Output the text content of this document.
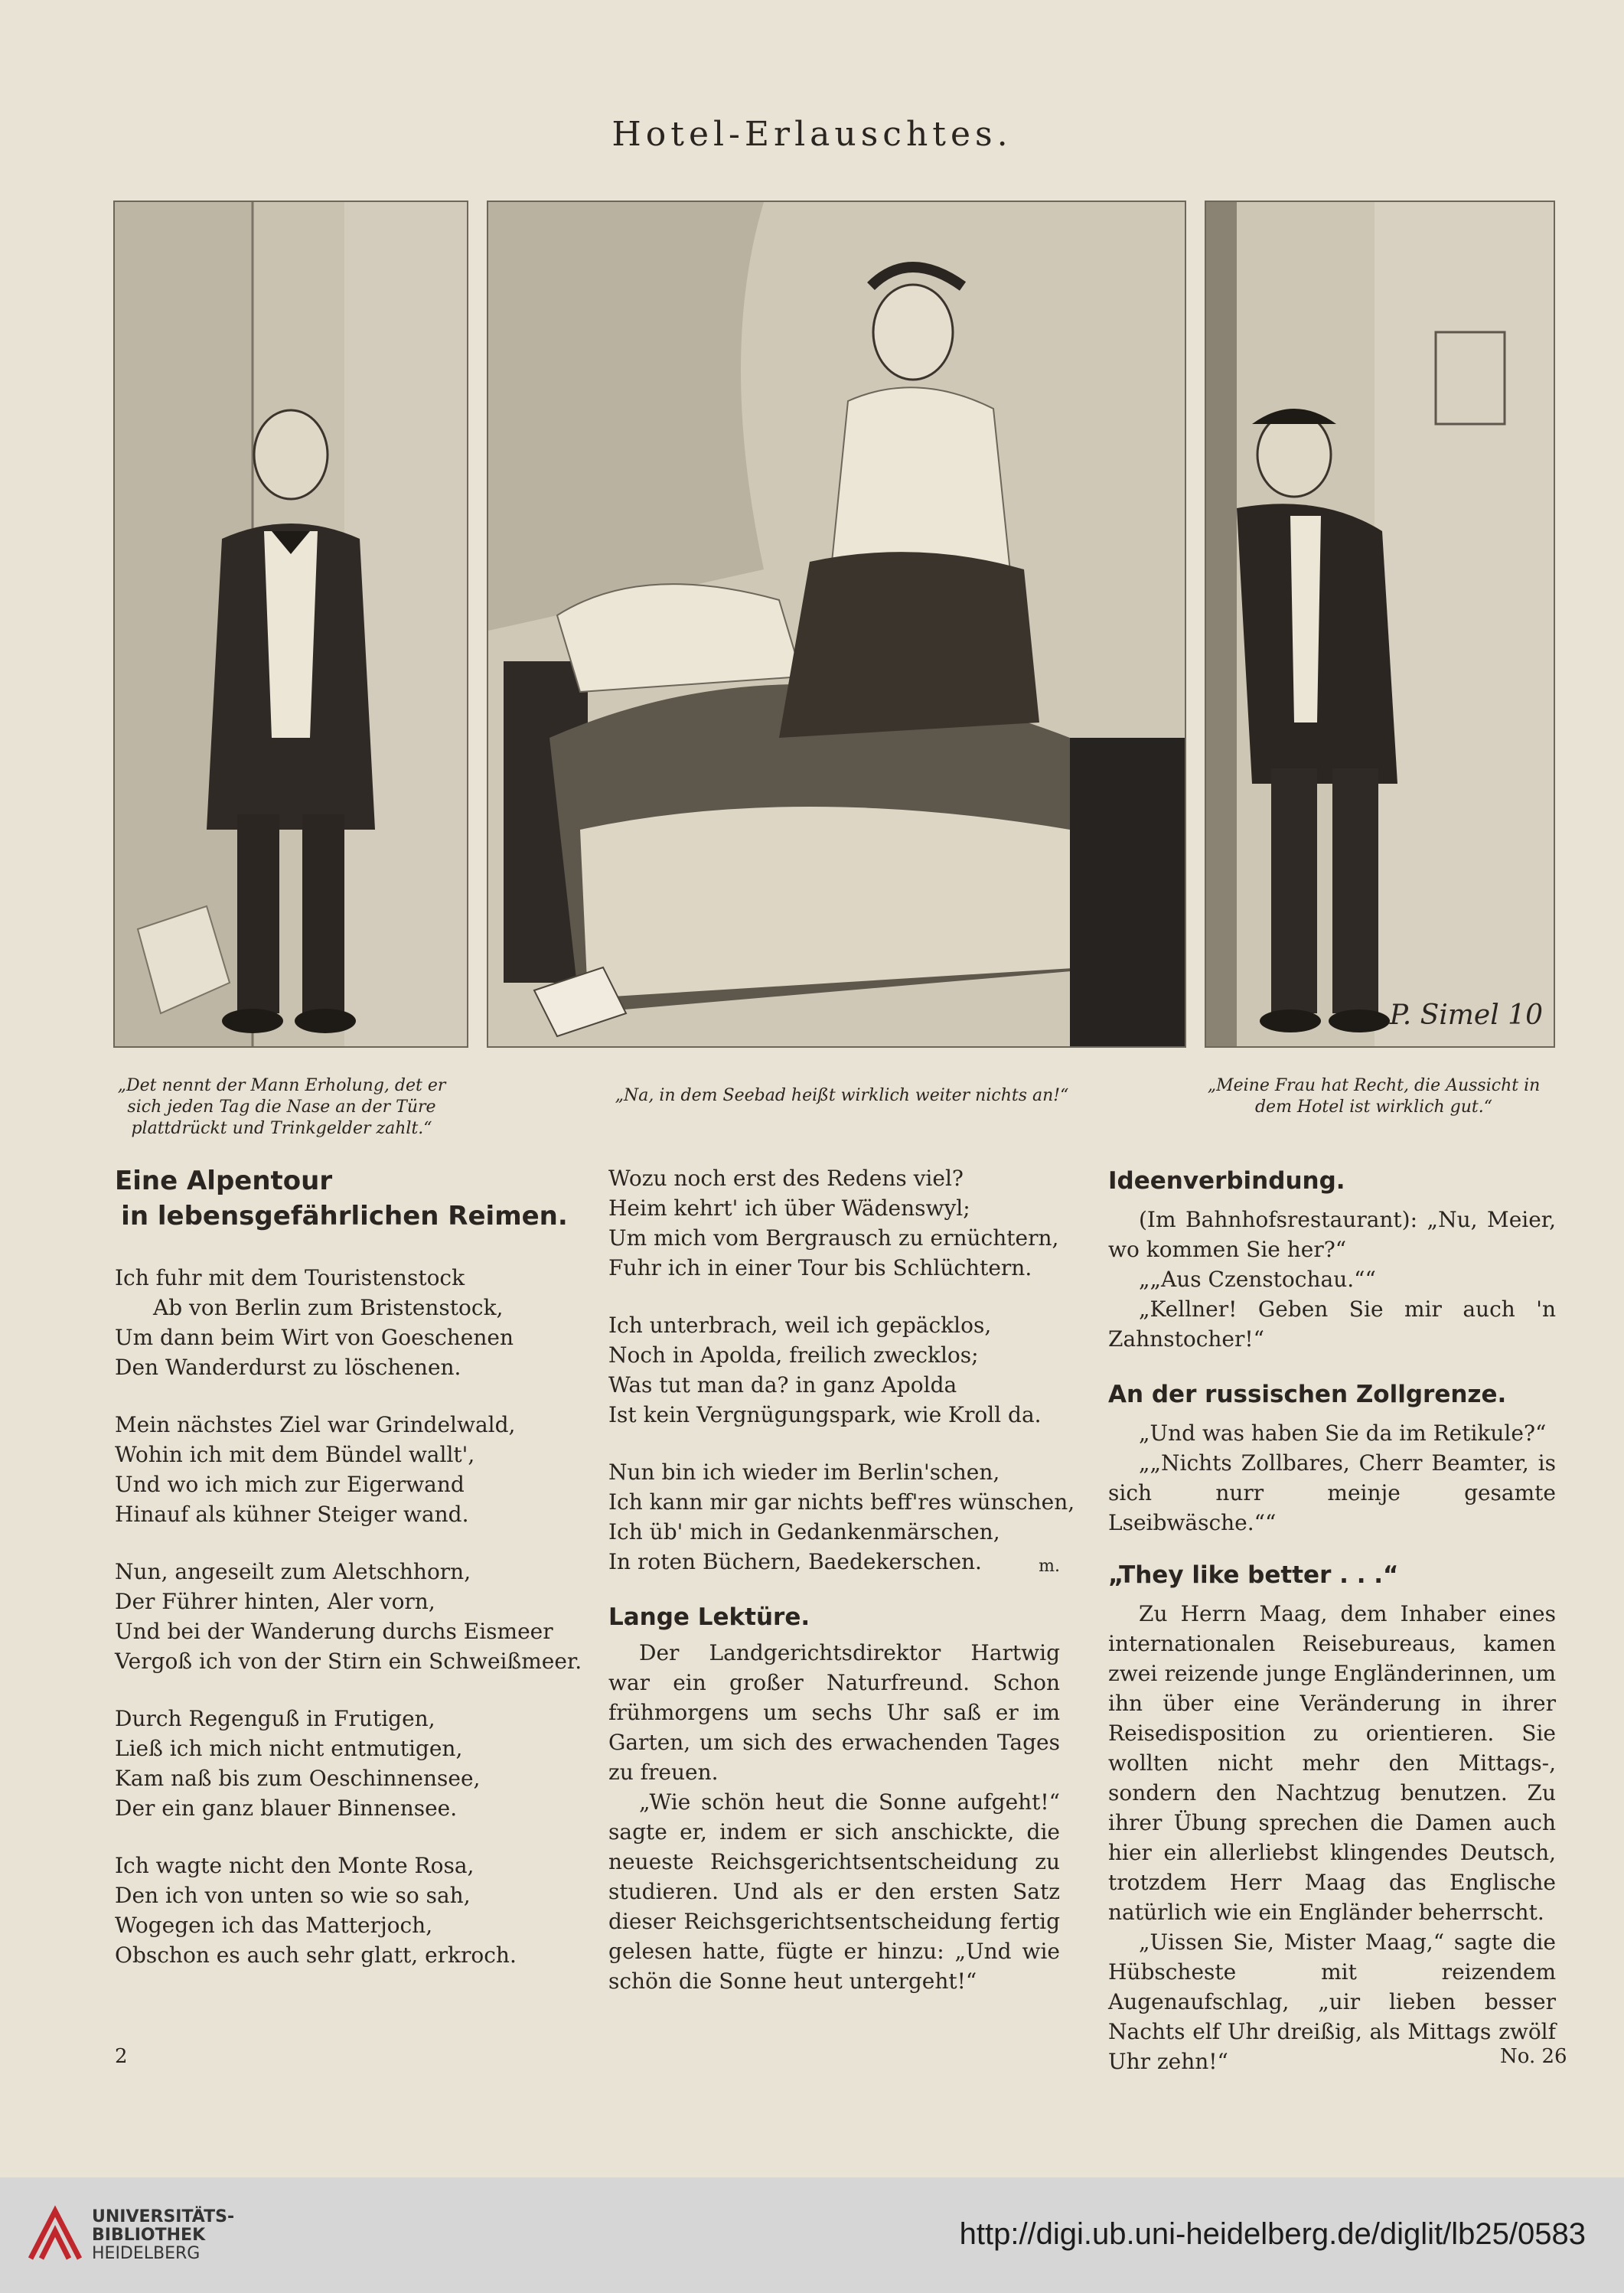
Hotel-Erlauschtes.
P. Simel 10
„Det nennt der Mann Erholung, det er sich jeden Tag die Nase an der Türe plattdrückt und Trinkgelder zahlt.“
„Na, in dem Seebad heißt wirklich weiter nichts an!“
„Meine Frau hat Recht, die Aussicht in dem Hotel ist wirklich gut.“

Eine Alpentour

in lebensgefährlichen Reimen.

Ich fuhr mit dem Touristenstock

Ab von Berlin zum Bristenstock,

Um dann beim Wirt von Goeschenen

Den Wanderdurst zu löschenen.

Mein nächstes Ziel war Grindelwald,

Wohin ich mit dem Bündel wallt',

Und wo ich mich zur Eigerwand

Hinauf als kühner Steiger wand.

Nun, angeseilt zum Aletschhorn,

Der Führer hinten, Aler vorn,

Und bei der Wanderung durchs Eismeer

Vergoß ich von der Stirn ein Schweißmeer.

Durch Regenguß in Frutigen,

Ließ ich mich nicht entmutigen,

Kam naß bis zum Oeschinnensee,

Der ein ganz blauer Binnensee.

Ich wagte nicht den Monte Rosa,

Den ich von unten so wie so sah,

Wogegen ich das Matterjoch,

Obschon es auch sehr glatt, erkroch.

Wozu noch erst des Redens viel?

Heim kehrt' ich über Wädenswyl;

Um mich vom Bergrausch zu ernüchtern,

Fuhr ich in einer Tour bis Schlüchtern.

Ich unterbrach, weil ich gepäcklos,

Noch in Apolda, freilich zwecklos;

Was tut man da? in ganz Apolda

Ist kein Vergnügungspark, wie Kroll da.

Nun bin ich wieder im Berlin'schen,

Ich kann mir gar nichts beff'res wünschen,

Ich üb' mich in Gedankenmärschen,

In roten Büchern, Baedekerschen.	m.

Lange Lektüre.

Der Landgerichtsdirektor Hartwig war ein großer Naturfreund. Schon frühmorgens um sechs Uhr saß er im Garten, um sich des erwachenden Tages zu freuen.

„Wie schön heut die Sonne aufgeht!“ sagte er, indem er sich anschickte, die neueste Reichsgerichtsentscheidung zu studieren. Und als er den ersten Satz dieser Reichsgerichtsentscheidung fertig gelesen hatte, fügte er hinzu: „Und wie schön die Sonne heut untergeht!“

Ideenverbindung.

(Im Bahnhofsrestaurant): „Nu, Meier, wo kommen Sie her?“

„„Aus Czenstochau.““

„Kellner! Geben Sie mir auch 'n Zahnstocher!“

An der russischen Zollgrenze.

„Und was haben Sie da im Retikule?“

„„Nichts Zollbares, Cherr Beamter, is sich nurr meinje gesamte Lseibwäsche.““

„They like better . . .“

Zu Herrn Maag, dem Inhaber eines internationalen Reisebureaus, kamen zwei reizende junge Engländerinnen, um ihn über eine Veränderung in ihrer Reisedisposition zu orientieren. Sie wollten nicht mehr den Mittags-, sondern den Nachtzug benutzen. Zu ihrer Übung sprechen die Damen auch hier ein allerliebst klingendes Deutsch, trotzdem Herr Maag das Englische natürlich wie ein Engländer beherrscht.

„Uissen Sie, Mister Maag,“ sagte die Hübscheste mit reizendem Augenaufschlag, „uir lieben besser Nachts elf Uhr dreißig, als Mittags zwölf Uhr zehn!“

2	No. 26
UNIVERSITÄTS-
BIBLIOTHEK
HEIDELBERG
http://digi.ub.uni-heidelberg.de/diglit/lb25/0583
